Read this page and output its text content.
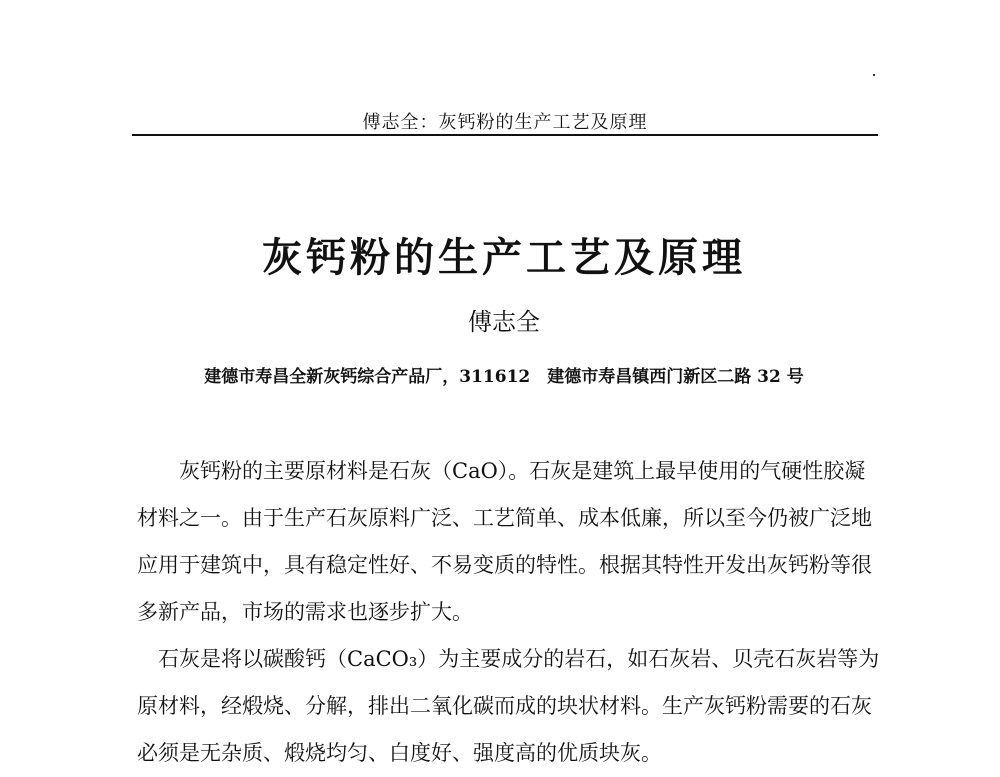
傅志全：灰钙粉的生产工艺及原理
灰钙粉的生产工艺及原理
傅志全
建德市寿昌全新灰钙综合产品厂，311612　建德市寿昌镇西门新区二路 32 号

灰钙粉的主要原材料是石灰（CaO）。石灰是建筑上最早使用的气硬性胶凝材料之一。由于生产石灰原料广泛、工艺简单、成本低廉，所以至今仍被广泛地应用于建筑中，具有稳定性好、不易变质的特性。根据其特性开发出灰钙粉等很多新产品，市场的需求也逐步扩大。

石灰是将以碳酸钙（CaCO₃）为主要成分的岩石，如石灰岩、贝壳石灰岩等为原材料，经煅烧、分解，排出二氧化碳而成的块状材料。生产灰钙粉需要的石灰必须是无杂质、煅烧均匀、白度好、强度高的优质块灰。
